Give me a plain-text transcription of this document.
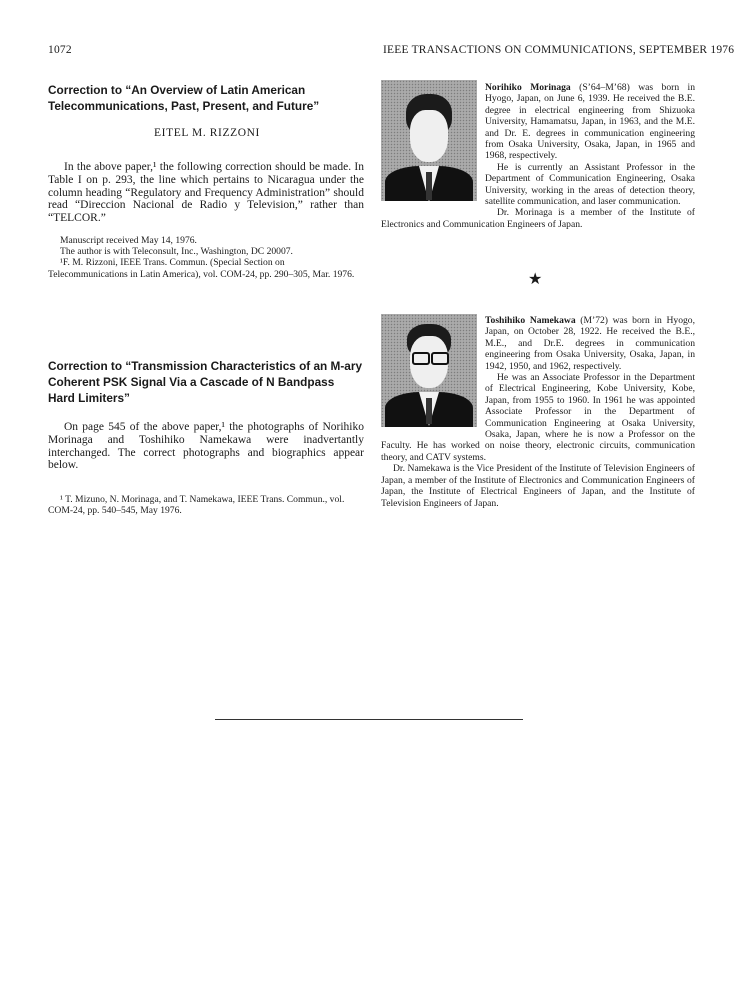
1072	IEEE TRANSACTIONS ON COMMUNICATIONS, SEPTEMBER 1976
Correction to “An Overview of Latin American
Telecommunications, Past, Present, and Future”
EITEL M. RIZZONI

In the above paper,¹ the following correction should be made. In Table I on p. 293, the line which pertains to Nicaragua under the column heading “Regulatory and Frequency Administration” should read “Direccion Nacional de Radio y Television,” rather than “TELCOR.”

Manuscript received May 14, 1976.

The author is with Teleconsult, Inc., Washington, DC 20007.

¹F. M. Rizzoni, IEEE Trans. Commun. (Special Section on Telecommunications in Latin America), vol. COM-24, pp. 290–305, Mar. 1976.

Correction to “Transmission Characteristics of an M-ary
Coherent PSK Signal Via a Cascade of N Bandpass
Hard Limiters”

On page 545 of the above paper,¹ the photographs of Norihiko Morinaga and Toshihiko Namekawa were inadvertantly interchanged. The correct photographs and biographics appear below.

¹ T. Mizuno, N. Morinaga, and T. Namekawa, IEEE Trans. Commun., vol. COM-24, pp. 540–545, May 1976.

Norihiko Morinaga (S’64–M’68) was born in Hyogo, Japan, on June 6, 1939. He received the B.E. degree in electrical engineering from Shizuoka University, Hamamatsu, Japan, in 1963, and the M.E. and Dr. E. degrees in communication engineering from Osaka University, Osaka, Japan, in 1965 and 1968, respectively.

He is currently an Assistant Professor in the Department of Communication Engineering, Osaka University, working in the areas of detection theory, satellite communication, and laser communication.

Dr. Morinaga is a member of the Institute of Electronics and Communication Engineers of Japan.

★

Toshihiko Namekawa (M’72) was born in Hyogo, Japan, on October 28, 1922. He received the B.E., M.E., and Dr.E. degrees in communication engineering from Osaka University, Osaka, Japan, in 1942, 1950, and 1962, respectively.

He was an Associate Professor in the Department of Electrical Engineering, Kobe University, Kobe, Japan, from 1955 to 1960. In 1961 he was appointed Associate Professor in the Department of Communication Engineering at Osaka University, Osaka, Japan, where he is now a Professor on the Faculty. He has worked on noise theory, electronic circuits, communication theory, and CATV systems.

Dr. Namekawa is the Vice President of the Institute of Television Engineers of Japan, a member of the Institute of Electronics and Communication Engineers of Japan, the Institute of Electrical Engineers of Japan, and the Institute of Television Engineers of Japan.
